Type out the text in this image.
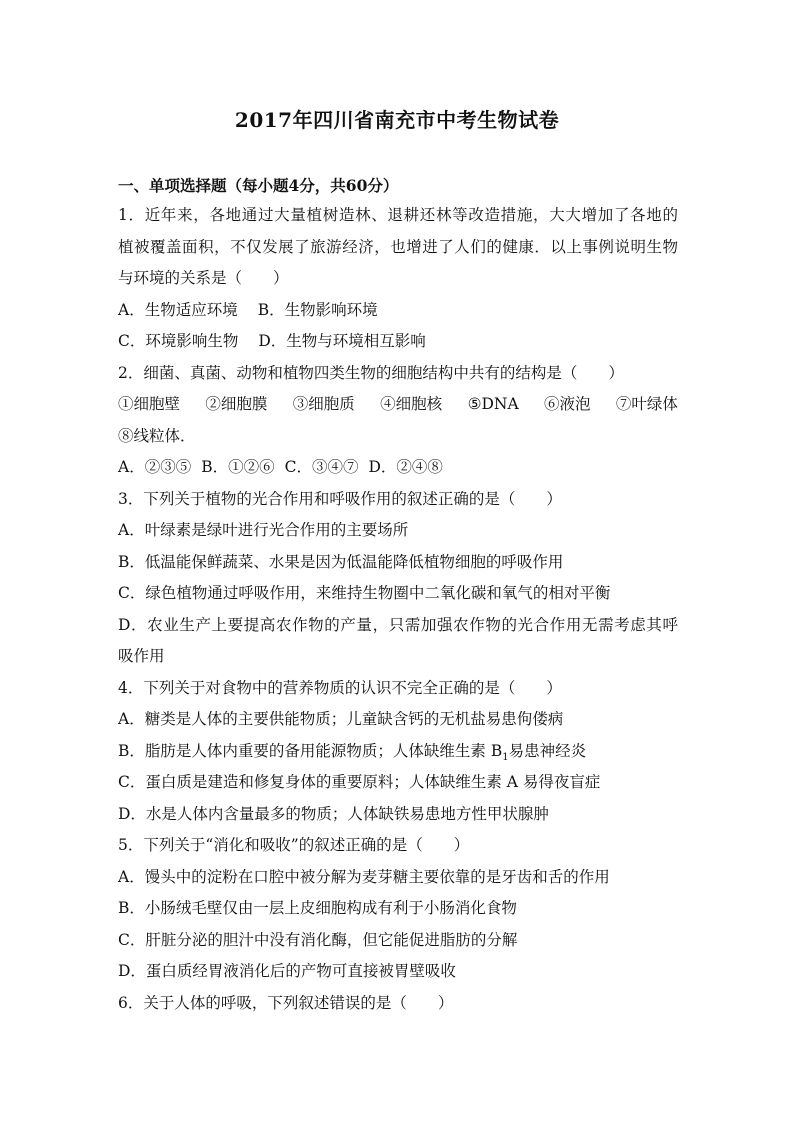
2017年四川省南充市中考生物试卷
一、单项选择题（每小题4分，共60分）
1．近年来，各地通过大量植树造林、退耕还林等改造措施，大大增加了各地的
植被覆盖面积，不仅发展了旅游经济，也增进了人们的健康．以上事例说明生物
与环境的关系是（　　）
A．生物适应环境 B．生物影响环境
C．环境影响生物 D．生物与环境相互影响
2．细菌、真菌、动物和植物四类生物的细胞结构中共有的结构是（　　）
①细胞壁 ②细胞膜 ③细胞质 ④细胞核 ⑤DNA ⑥液泡 ⑦叶绿体
⑧线粒体．
A．②③⑤ B．①②⑥ C．③④⑦ D．②④⑧
3．下列关于植物的光合作用和呼吸作用的叙述正确的是（　　）
A．叶绿素是绿叶进行光合作用的主要场所
B．低温能保鲜蔬菜、水果是因为低温能降低植物细胞的呼吸作用
C．绿色植物通过呼吸作用，来维持生物圈中二氧化碳和氧气的相对平衡
D．农业生产上要提高农作物的产量，只需加强农作物的光合作用无需考虑其呼
吸作用
4．下列关于对食物中的营养物质的认识不完全正确的是（　　）
A．糖类是人体的主要供能物质；儿童缺含钙的无机盐易患佝偻病
B．脂肪是人体内重要的备用能源物质；人体缺维生素 $B_1$易患神经炎
C．蛋白质是建造和修复身体的重要原料；人体缺维生素 A 易得夜盲症
D．水是人体内含量最多的物质；人体缺铁易患地方性甲状腺肿
5．下列关于“消化和吸收”的叙述正确的是（　　）
A．馒头中的淀粉在口腔中被分解为麦芽糖主要依靠的是牙齿和舌的作用
B．小肠绒毛壁仅由一层上皮细胞构成有利于小肠消化食物
C．肝脏分泌的胆汁中没有消化酶，但它能促进脂肪的分解
D．蛋白质经胃液消化后的产物可直接被胃壁吸收
6．关于人体的呼吸，下列叙述错误的是（　　）
